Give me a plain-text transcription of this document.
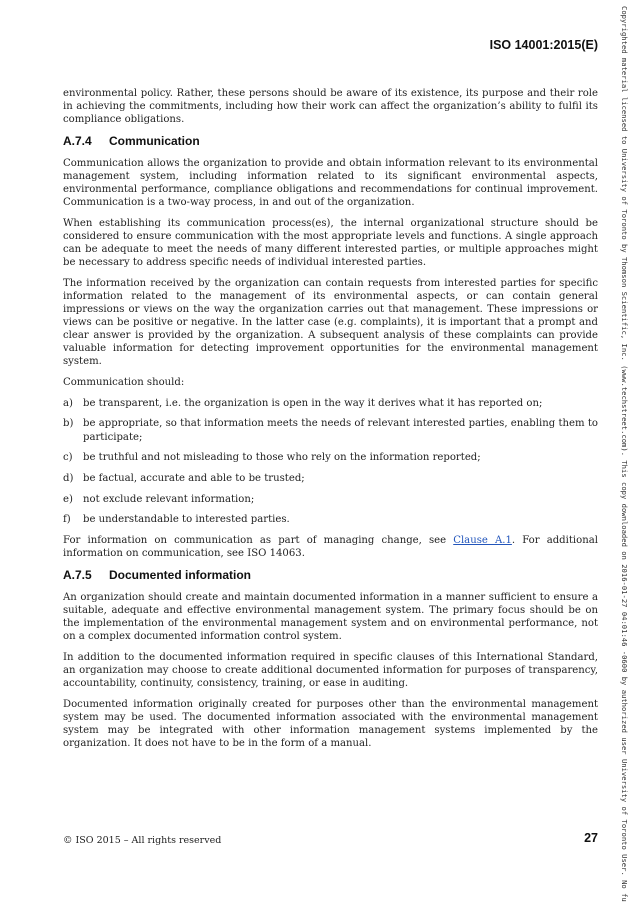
ISO 14001:2015(E)

environmental policy. Rather, these persons should be aware of its existence, its purpose and their role in achieving the commitments, including how their work can affect the organization’s ability to fulfil its compliance obligations.

A.7.4 Communication

Communication allows the organization to provide and obtain information relevant to its environmental management system, including information related to its significant environmental aspects, environmental performance, compliance obligations and recommendations for continual improvement. Communication is a two-way process, in and out of the organization.

When establishing its communication process(es), the internal organizational structure should be considered to ensure communication with the most appropriate levels and functions. A single approach can be adequate to meet the needs of many different interested parties, or multiple approaches might be necessary to address specific needs of individual interested parties.

The information received by the organization can contain requests from interested parties for specific information related to the management of its environmental aspects, or can contain general impressions or views on the way the organization carries out that management. These impressions or views can be positive or negative. In the latter case (e.g. complaints), it is important that a prompt and clear answer is provided by the organization. A subsequent analysis of these complaints can provide valuable information for detecting improvement opportunities for the environmental management system.

Communication should:

a) be transparent, i.e. the organization is open in the way it derives what it has reported on;
b) be appropriate, so that information meets the needs of relevant interested parties, enabling them to participate;
c)	be truthful and not misleading to those who rely on the information reported;
d) be factual, accurate and able to be trusted;
e) not exclude relevant information;
f)	be understandable to interested parties.

For information on communication as part of managing change, see Clause A.1. For additional information on communication, see ISO 14063.

A.7.5 Documented information

An organization should create and maintain documented information in a manner sufficient to ensure a suitable, adequate and effective environmental management system. The primary focus should be on the implementation of the environmental management system and on environmental performance, not on a complex documented information control system.

In addition to the documented information required in specific clauses of this International Standard, an organization may choose to create additional documented information for purposes of transparency, accountability, continuity, consistency, training, or ease in auditing.

Documented information originally created for purposes other than the environmental management system may be used. The documented information associated with the environmental management system may be integrated with other information management systems implemented by the organization. It does not have to be in the form of a manual.

© ISO 2015 – All rights reserved	27	Copyrighted material licensed to University of Toronto by Thomson Scientific, Inc. (www.techstreet.com). This copy downloaded on 2016-01-27 04:01:46 -0600 by authorized user University of Toronto User. No fu
